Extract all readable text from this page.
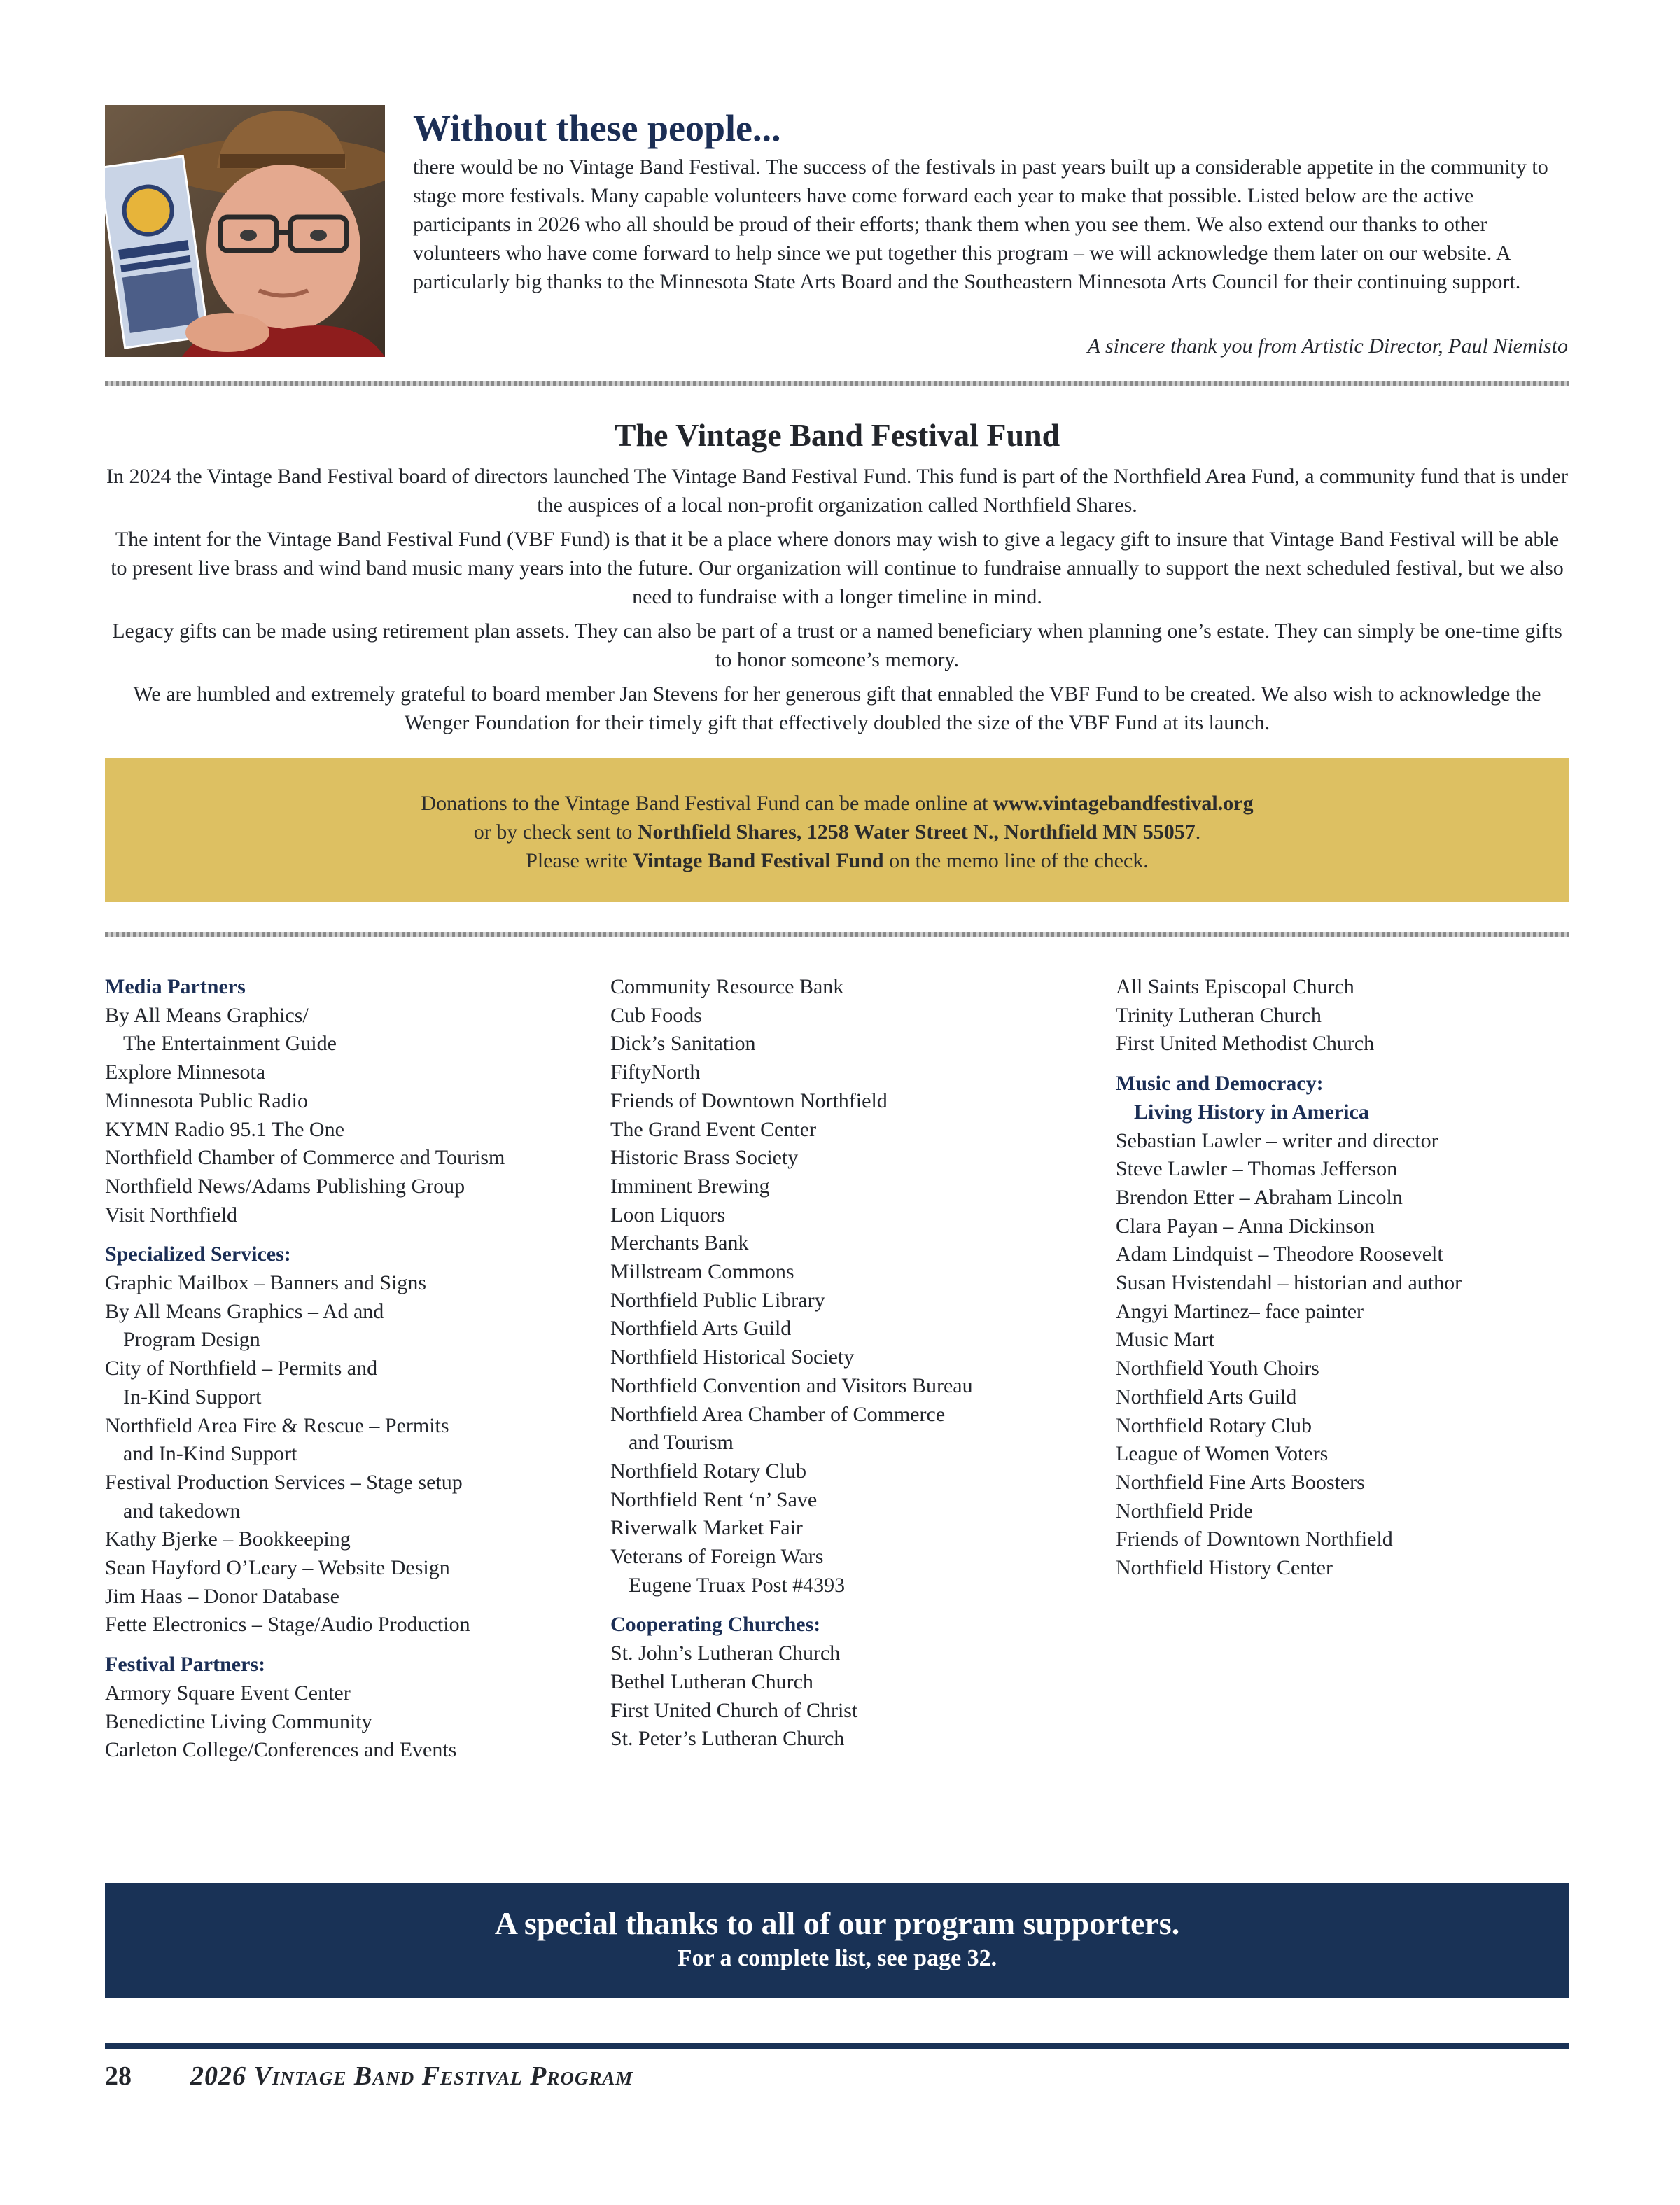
Without these people...
there would be no Vintage Band Festival. The success of the festivals in past years built up a considerable appetite in the community to stage more festivals. Many capable volunteers have come forward each year to make that possible. Listed below are the active participants in 2026 who all should be proud of their efforts; thank them when you see them. We also extend our thanks to other volunteers who have come forward to help since we put together this program – we will acknowledge them later on our website. A particularly big thanks to the Minnesota State Arts Board and the Southeastern Minnesota Arts Council for their continuing support.
A sincere thank you from Artistic Director, Paul Niemisto
The Vintage Band Festival Fund

In 2024 the Vintage Band Festival board of directors launched The Vintage Band Festival Fund. This fund is part of the Northfield Area Fund, a community fund that is under the auspices of a local non-profit organization called Northfield Shares.

The intent for the Vintage Band Festival Fund (VBF Fund) is that it be a place where donors may wish to give a legacy gift to insure that Vintage Band Festival will be able to present live brass and wind band music many years into the future. Our organization will continue to fundraise annually to support the next scheduled festival, but we also need to fundraise with a longer timeline in mind.

Legacy gifts can be made using retirement plan assets. They can also be part of a trust or a named beneficiary when planning one’s estate. They can simply be one-time gifts to honor someone’s memory.

We are humbled and extremely grateful to board member Jan Stevens for her generous gift that ennabled the VBF Fund to be created. We also wish to acknowledge the Wenger Foundation for their timely gift that effectively doubled the size of the VBF Fund at its launch.

Donations to the Vintage Band Festival Fund can be made online at www.vintagebandfestival.org
or by check sent to Northfield Shares, 1258 Water Street N., Northfield MN 55057.
Please write Vintage Band Festival Fund on the memo line of the check.
Media Partners
By All Means Graphics/
The Entertainment Guide
Explore Minnesota
Minnesota Public Radio
KYMN Radio 95.1 The One
Northfield Chamber of Commerce and Tourism
Northfield News/Adams Publishing Group
Visit Northfield
Specialized Services:
Graphic Mailbox – Banners and Signs
By All Means Graphics – Ad and
Program Design
City of Northfield – Permits and
In-Kind Support
Northfield Area Fire & Rescue – Permits
and In-Kind Support
Festival Production Services – Stage setup
and takedown
Kathy Bjerke – Bookkeeping
Sean Hayford O’Leary – Website Design
Jim Haas – Donor Database
Fette Electronics – Stage/Audio Production
Festival Partners:
Armory Square Event Center
Benedictine Living Community
Carleton College/Conferences and Events
Community Resource Bank
Cub Foods
Dick’s Sanitation
FiftyNorth
Friends of Downtown Northfield
The Grand Event Center
Historic Brass Society
Imminent Brewing
Loon Liquors
Merchants Bank
Millstream Commons
Northfield Public Library
Northfield Arts Guild
Northfield Historical Society
Northfield Convention and Visitors Bureau
Northfield Area Chamber of Commerce
and Tourism
Northfield Rotary Club
Northfield Rent ‘n’ Save
Riverwalk Market Fair
Veterans of Foreign Wars
Eugene Truax Post #4393
Cooperating Churches:
St. John’s Lutheran Church
Bethel Lutheran Church
First United Church of Christ
St. Peter’s Lutheran Church
All Saints Episcopal Church
Trinity Lutheran Church
First United Methodist Church
Music and Democracy:
Living History in America
Sebastian Lawler – writer and director
Steve Lawler – Thomas Jefferson
Brendon Etter – Abraham Lincoln
Clara Payan – Anna Dickinson
Adam Lindquist – Theodore Roosevelt
Susan Hvistendahl – historian and author
Angyi Martinez– face painter
Music Mart
Northfield Youth Choirs
Northfield Arts Guild
Northfield Rotary Club
League of Women Voters
Northfield Fine Arts Boosters
Northfield Pride
Friends of Downtown Northfield
Northfield History Center
A special thanks to all of our program supporters.
For a complete list, see page 32.
28 2026 Vintage Band Festival Program
